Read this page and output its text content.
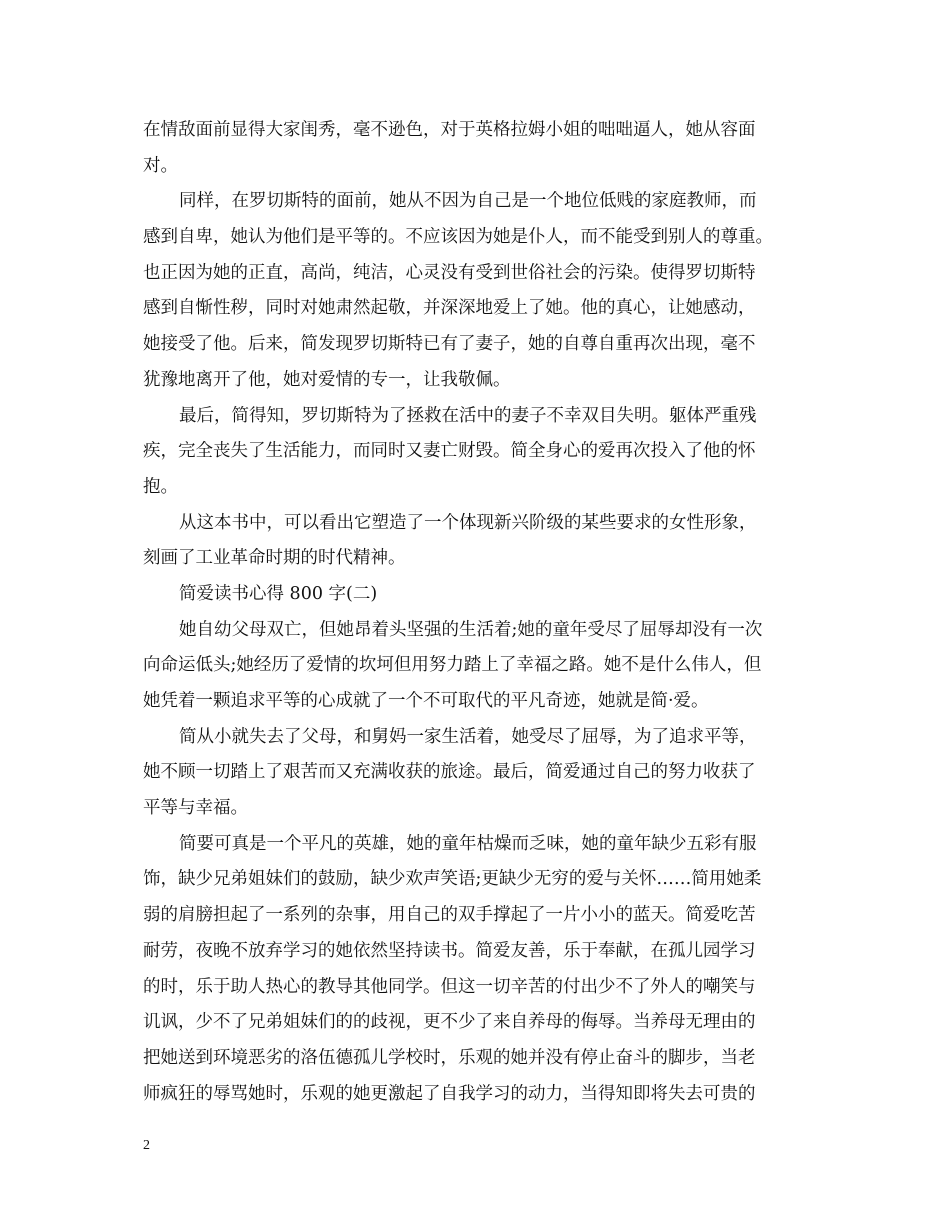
在情敌面前显得大家闺秀，毫不逊色，对于英格拉姆小姐的咄咄逼人，她从容面
对。
同样，在罗切斯特的面前，她从不因为自己是一个地位低贱的家庭教师，而
感到自卑，她认为他们是平等的。不应该因为她是仆人，而不能受到别人的尊重。
也正因为她的正直，高尚，纯洁，心灵没有受到世俗社会的污染。使得罗切斯特
感到自惭性秽，同时对她肃然起敬，并深深地爱上了她。他的真心，让她感动，
她接受了他。后来，简发现罗切斯特已有了妻子，她的自尊自重再次出现，毫不
犹豫地离开了他，她对爱情的专一，让我敬佩。
最后，简得知，罗切斯特为了拯救在活中的妻子不幸双目失明。躯体严重残
疾，完全丧失了生活能力，而同时又妻亡财毁。简全身心的爱再次投入了他的怀
抱。
从这本书中，可以看出它塑造了一个体现新兴阶级的某些要求的女性形象，
刻画了工业革命时期的时代精神。
简爱读书心得 800 字(二)
她自幼父母双亡，但她昂着头坚强的生活着;她的童年受尽了屈辱却没有一次
向命运低头;她经历了爱情的坎坷但用努力踏上了幸福之路。她不是什么伟人，但
她凭着一颗追求平等的心成就了一个不可取代的平凡奇迹，她就是简·爱。
简从小就失去了父母，和舅妈一家生活着，她受尽了屈辱，为了追求平等，
她不顾一切踏上了艰苦而又充满收获的旅途。最后，简爱通过自己的努力收获了
平等与幸福。
简要可真是一个平凡的英雄，她的童年枯燥而乏味，她的童年缺少五彩有服
饰，缺少兄弟姐妹们的鼓励，缺少欢声笑语;更缺少无穷的爱与关怀……简用她柔
弱的肩膀担起了一系列的杂事，用自己的双手撑起了一片小小的蓝天。简爱吃苦
耐劳，夜晚不放弃学习的她依然坚持读书。简爱友善，乐于奉献，在孤儿园学习
的时，乐于助人热心的教导其他同学。但这一切辛苦的付出少不了外人的嘲笑与
讥讽，少不了兄弟姐妹们的的歧视，更不少了来自养母的侮辱。当养母无理由的
把她送到环境恶劣的洛伍德孤儿学校时，乐观的她并没有停止奋斗的脚步，当老
师疯狂的辱骂她时，乐观的她更激起了自我学习的动力，当得知即将失去可贵的
2
